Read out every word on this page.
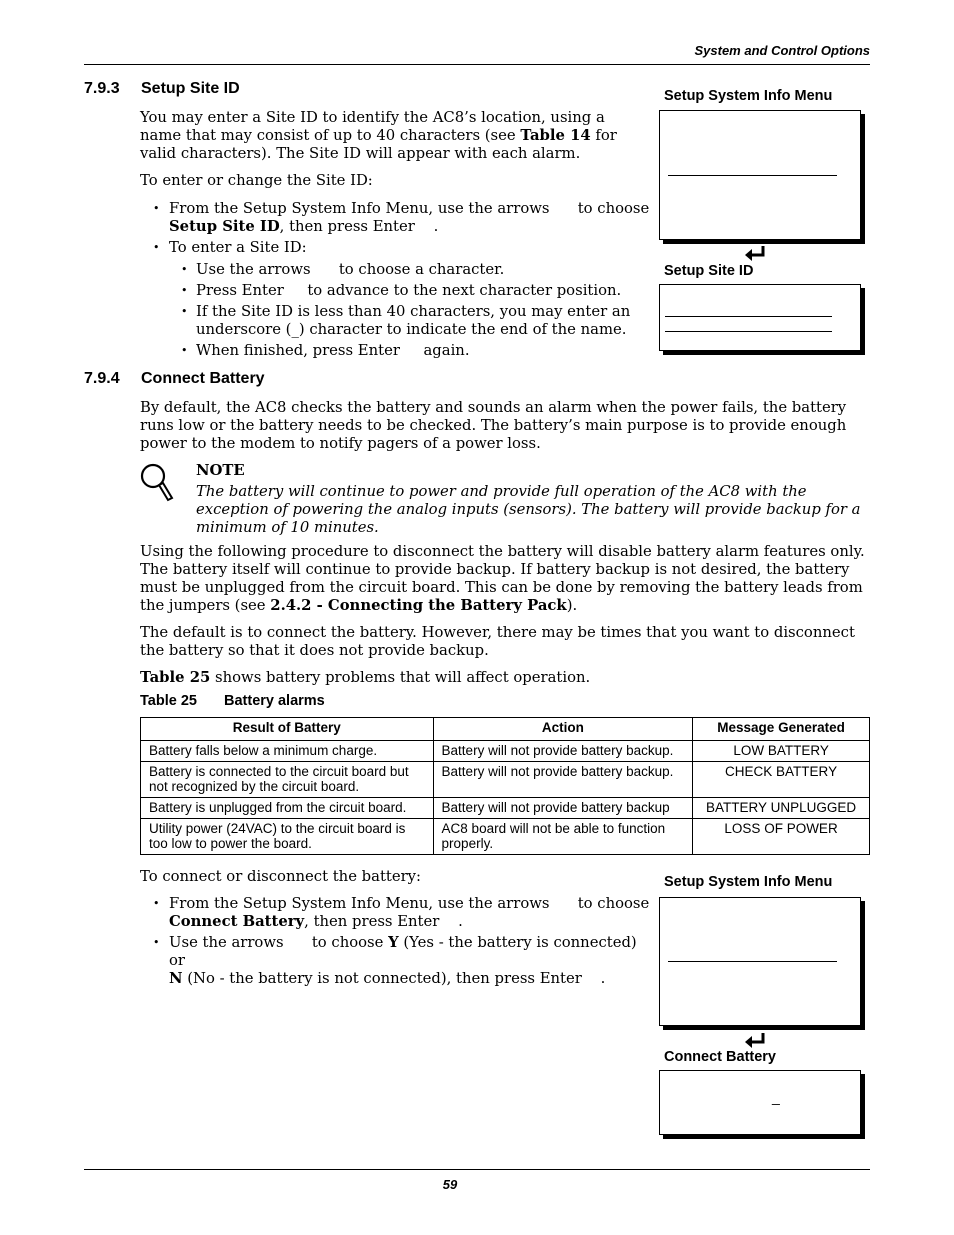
System and Control Options
7.9.3 Setup Site ID
You may enter a Site ID to identify the AC8’s location, using a name that may consist of up to 40 characters (see Table 14 for valid characters). The Site ID will appear with each alarm.
To enter or change the Site ID:
• From the Setup System Info Menu, use the arrows to choose
Setup Site ID, then press Enter .
• To enter a Site ID:
• Use the arrows to choose a character.
• Press Enter to advance to the next character position.
• If the Site ID is less than 40 characters, you may enter an underscore (_) character to indicate the end of the name.
• When finished, press Enter again.
Setup System Info Menu
Setup Site ID
7.9.4 Connect Battery
By default, the AC8 checks the battery and sounds an alarm when the power fails, the battery runs low or the battery needs to be checked. The battery’s main purpose is to provide enough power to the modem to notify pagers of a power loss.
NOTE
The battery will continue to power and provide full operation of the AC8 with the exception of powering the analog inputs (sensors). The battery will provide backup for a minimum of 10 minutes.
Using the following procedure to disconnect the battery will disable battery alarm features only. The battery itself will continue to provide backup. If battery backup is not desired, the battery must be unplugged from the circuit board. This can be done by removing the battery leads from the jumpers (see 2.4.2 - Connecting the Battery Pack).
The default is to connect the battery. However, there may be times that you want to disconnect the battery so that it does not provide backup.
Table 25 shows battery problems that will affect operation.
Table 25 Battery alarms
Result of Battery	Action	Message Generated
Battery falls below a minimum charge.	Battery will not provide battery backup.	LOW BATTERY
Battery is connected to the circuit board but not recognized by the circuit board.	Battery will not provide battery backup.	CHECK BATTERY
Battery is unplugged from the circuit board.	Battery will not provide battery backup	BATTERY UNPLUGGED
Utility power (24VAC) to the circuit board is too low to power the board.	AC8 board will not be able to function properly.	LOSS OF POWER
To connect or disconnect the battery:
• From the Setup System Info Menu, use the arrows to choose
Connect Battery, then press Enter .
• Use the arrows to choose Y (Yes - the battery is connected) or
N (No - the battery is not connected), then press Enter .
Setup System Info Menu
Connect Battery
_
59
